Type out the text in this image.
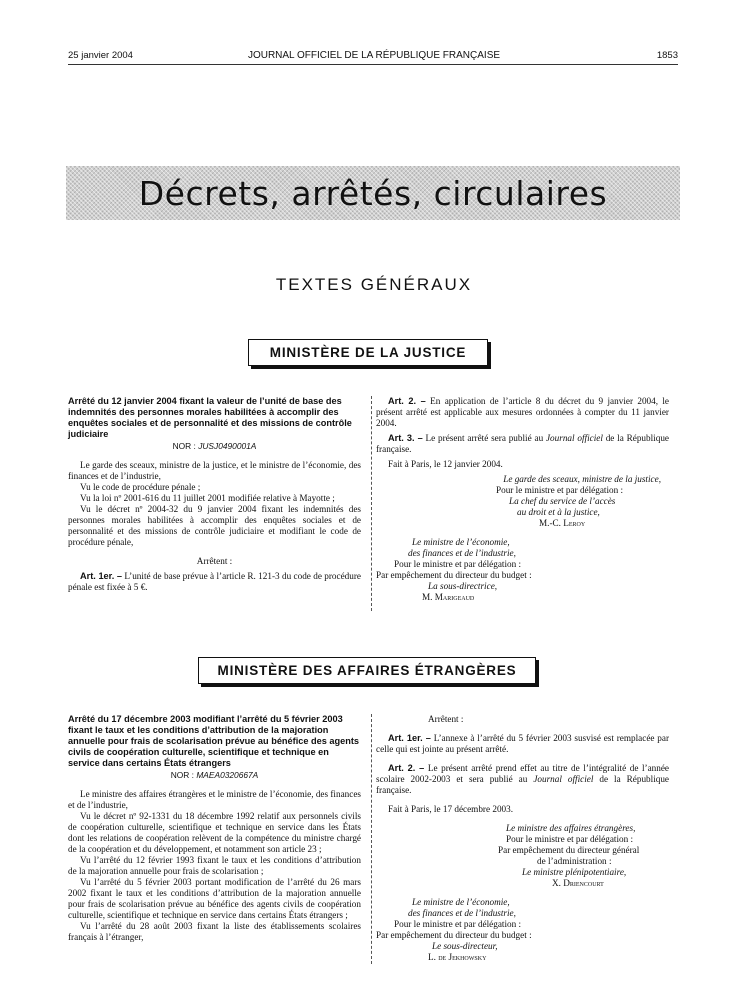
25 janvier 2004	JOURNAL OFFICIEL DE LA RÉPUBLIQUE FRANÇAISE	1853
Décrets, arrêtés, circulaires
TEXTES GÉNÉRAUX
MINISTÈRE DE LA JUSTICE
Arrêté du 12 janvier 2004 fixant la valeur de l’unité de base des indemnités des personnes morales habilitées à accomplir des enquêtes sociales et de personnalité et des missions de contrôle judiciaire
NOR : JUSJ0490001A

Le garde des sceaux, ministre de la justice, et le ministre de l’économie, des finances et de l’industrie,

Vu le code de procédure pénale ;

Vu la loi nº 2001-616 du 11 juillet 2001 modifiée relative à Mayotte ;

Vu le décret nº 2004-32 du 9 janvier 2004 fixant les indemnités des personnes morales habilitées à accomplir des enquêtes sociales et de personnalité et des missions de contrôle judiciaire et modifiant le code de procédure pénale,

Arrêtent :

Art. 1er. – L’unité de base prévue à l’article R. 121-3 du code de procédure pénale est fixée à 5 €.

Art. 2. – En application de l’article 8 du décret du 9 janvier 2004, le présent arrêté est applicable aux mesures ordonnées à compter du 11 janvier 2004.

Art. 3. – Le présent arrêté sera publié au Journal officiel de la République française.

Fait à Paris, le 12 janvier 2004.

Le garde des sceaux, ministre de la justice,

Pour le ministre et par délégation :

La chef du service de l’accès

au droit et à la justice,

M.-C. Leroy

Le ministre de l’économie,

des finances et de l’industrie,

Pour le ministre et par délégation :

Par empêchement du directeur du budget :

La sous-directrice,

M. Marigeaud

MINISTÈRE DES AFFAIRES ÉTRANGÈRES
Arrêté du 17 décembre 2003 modifiant l’arrêté du 5 février 2003 fixant le taux et les conditions d’attribution de la majoration annuelle pour frais de scolarisation prévue au bénéfice des agents civils de coopération culturelle, scientifique et technique en service dans certains États étrangers
NOR : MAEA0320667A

Le ministre des affaires étrangères et le ministre de l’économie, des finances et de l’industrie,

Vu le décret nº 92-1331 du 18 décembre 1992 relatif aux personnels civils de coopération culturelle, scientifique et technique en service dans les États dont les relations de coopération relèvent de la compétence du ministre chargé de la coopération et du développement, et notamment son article 23 ;

Vu l’arrêté du 12 février 1993 fixant le taux et les conditions d’attribution de la majoration annuelle pour frais de scolarisation ;

Vu l’arrêté du 5 février 2003 portant modification de l’arrêté du 26 mars 2002 fixant le taux et les conditions d’attribution de la majoration annuelle pour frais de scolarisation prévue au bénéfice des agents civils de coopération culturelle, scientifique et technique en service dans certains États étrangers ;

Vu l’arrêté du 28 août 2003 fixant la liste des établissements scolaires français à l’étranger,

Arrêtent :

Art. 1er. – L’annexe à l’arrêté du 5 février 2003 susvisé est remplacée par celle qui est jointe au présent arrêté.

Art. 2. – Le présent arrêté prend effet au titre de l’intégralité de l’année scolaire 2002-2003 et sera publié au Journal officiel de la République française.

Fait à Paris, le 17 décembre 2003.

Le ministre des affaires étrangères,

Pour le ministre et par délégation :

Par empêchement du directeur général

de l’administration :

Le ministre plénipotentiaire,

X. Driencourt

Le ministre de l’économie,

des finances et de l’industrie,

Pour le ministre et par délégation :

Par empêchement du directeur du budget :

Le sous-directeur,

L. de Jekhowsky
